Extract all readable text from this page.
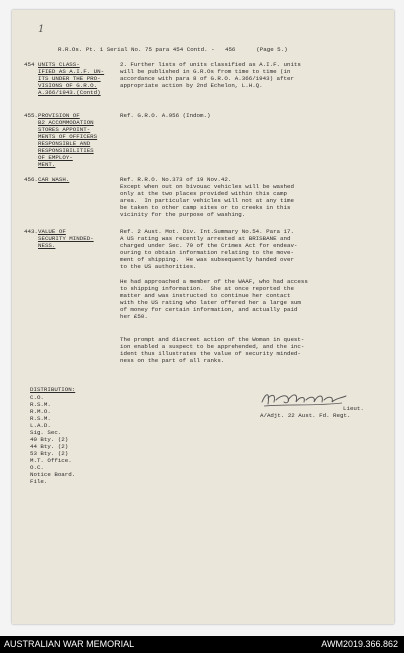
1
R.R.Os. Pt. 1 Serial No. 75 para 454 Contd. -   456      (Page 5.)
454 UNITS CLASS-
IFIED AS A.I.F. UN-
ITS UNDER THE PRO-
VISIONS OF G.R.O.
A.366/1943.(Contd)
2. Further lists of units classified as A.I.F. units
will be published in G.R.Os from time to time (in
accordance with para 8 of G.R.O. A.366/1943) after
appropriate action by 2nd Echelon, L.H.Q.
455. PROVISION OF
B2 ACCOMMODATION
STORES APPOINT-
MENTS OF OFFICERS
RESPONSIBLE AND
RESPONSIBILITIES
OF EMPLOY-
MENT.
Ref. G.R.O. A.956 (Indom.)
456. CAR WASH.	Ref. R.R.O. No.373 of 19 Nov.42.
Except when out on bivouac vehicles will be washed
only at the two places provided within this camp
area.  In particular vehicles will not at any time
be taken to other camp sites or to creeks in this
vicinity for the purpose of washing.
443. VALUE OF
SECURITY MINDED-
NESS.
Ref. 2 Aust. Mot. Div. Int.Summary No.54. Para 17.
A US rating was recently arrested at BRISBANE and
charged under Sec. 70 of the Crimes Act for endeav-
ouring to obtain information relating to the move-
ment of shipping.  He was subsequently handed over
to the US authorities.
He had approached a member of the WAAF, who had access
to shipping information.  She at once reported the
matter and was instructed to continue her contact
with the US rating who later offered her a large sum
of money for certain information, and actually paid
her £50.
The prompt and discreet action of the Woman in quest-
ion enabled a suspect to be apprehended, and the inc-
ident thus illustrates the value of security minded-
ness on the part of all ranks.
Lieut.
A/Adjt. 22 Aust. Fd. Regt.
DISTRIBUTION:
C.O.
R.S.M.
R.M.O.
R.S.M.
L.A.D.
Sig. Sec.
40 Bty. (2)
44 Bty. (2)
53 Bty. (2)
M.T. Office.
O.C.
Notice Board.
File.
AUSTRALIAN WAR MEMORIAL	AWM2019.366.862
